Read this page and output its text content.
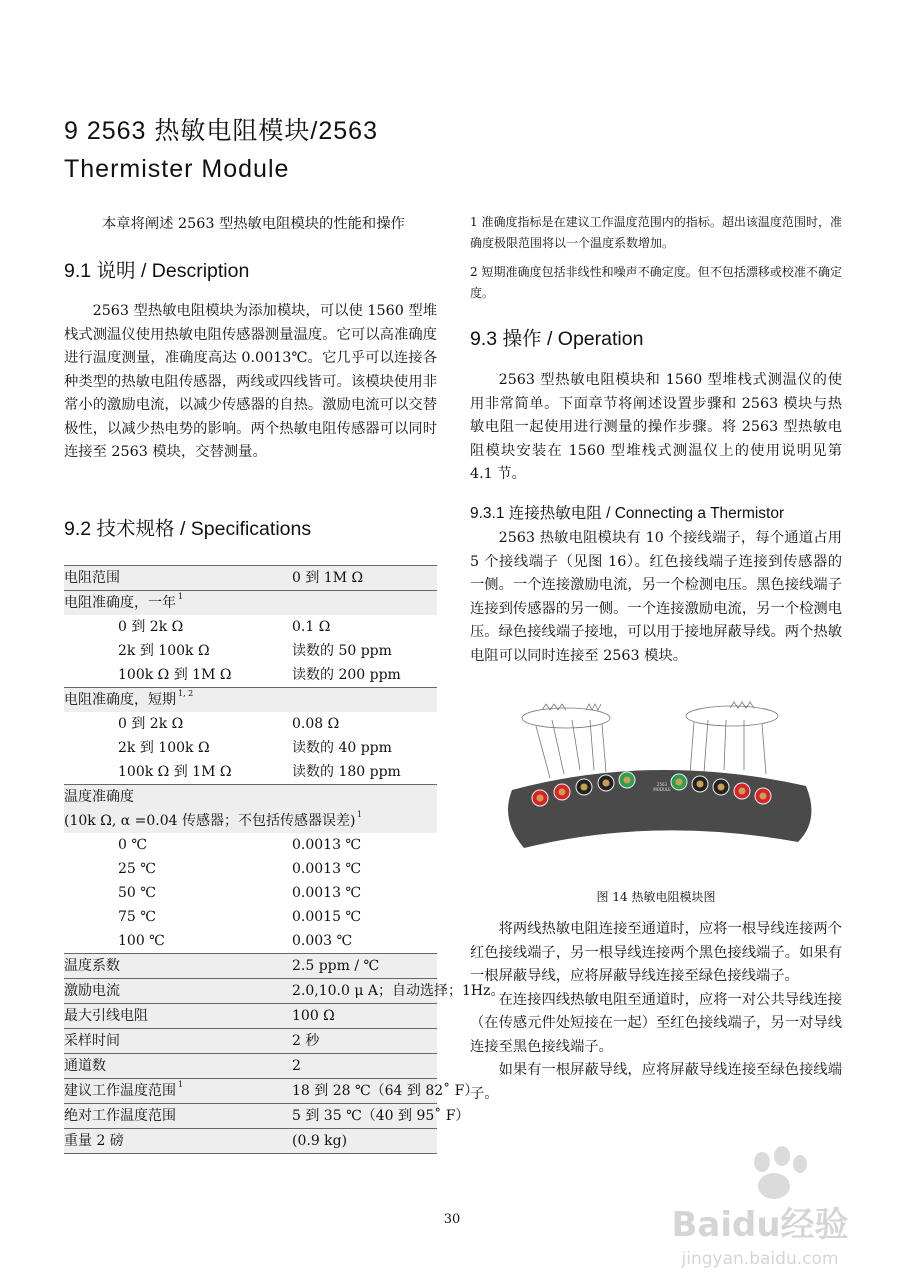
9 2563 热敏电阻模块/2563
Thermister Module
本章将阐述 2563 型热敏电阻模块的性能和操作
9.1 说明 / Description

2563 型热敏电阻模块为添加模块，可以使 1560 型堆栈式测温仪使用热敏电阻传感器测量温度。它可以高准确度进行温度测量，准确度高达 0.0013℃。它几乎可以连接各种类型的热敏电阻传感器，两线或四线皆可。该模块使用非常小的激励电流，以减少传感器的自热。激励电流可以交替极性，以减少热电势的影响。两个热敏电阻传感器可以同时连接至 2563 模块，交替测量。

9.2 技术规格 / Specifications
电阻范围	0 到 1M Ω
电阻准确度，一年 1
0 到 2k Ω	0.1 Ω
2k 到 100k Ω	读数的 50 ppm
100k Ω 到 1M Ω	读数的 200 ppm
电阻准确度，短期 1, 2
0 到 2k Ω	0.08 Ω
2k 到 100k Ω	读数的 40 ppm
100k Ω 到 1M Ω	读数的 180 ppm
温度准确度
(10k Ω, α =0.04 传感器；不包括传感器误差) 1
0 ℃	0.0013 ℃
25 ℃	0.0013 ℃
50 ℃	0.0013 ℃
75 ℃	0.0015 ℃
100 ℃	0.003 ℃
温度系数	2.5 ppm / ℃
激励电流	2.0,10.0 μ A；自动选择；1Hz。
最大引线电阻	100 Ω
采样时间	2 秒
通道数	2
建议工作温度范围 1	18 到 28 ℃（64 到 82˚ F）
绝对工作温度范围	5 到 35 ℃（40 到 95˚ F）
重量 2 磅	(0.9 kg)
1 准确度指标是在建议工作温度范围内的指标。超出该温度范围时，准确度极限范围将以一个温度系数增加。
2 短期准确度包括非线性和噪声不确定度。但不包括漂移或校准不确定度。
9.3 操作 / Operation

2563 型热敏电阻模块和 1560 型堆栈式测温仪的使用非常简单。下面章节将阐述设置步骤和 2563 模块与热敏电阻一起使用进行测量的操作步骤。将 2563 型热敏电阻模块安装在 1560 型堆栈式测温仪上的使用说明见第 4.1 节。

9.3.1 连接热敏电阻 / Connecting a Thermistor

2563 热敏电阻模块有 10 个接线端子，每个通道占用 5 个接线端子（见图 16）。红色接线端子连接到传感器的一侧。一个连接激励电流，另一个检测电压。黑色接线端子连接到传感器的另一侧。一个连接激励电流，另一个检测电压。绿色接线端子接地，可以用于接地屏蔽导线。两个热敏电阻可以同时连接至 2563 模块。

2563
MODULE
图 14 热敏电阻模块图

将两线热敏电阻连接至通道时，应将一根导线连接两个红色接线端子，另一根导线连接两个黑色接线端子。如果有一根屏蔽导线，应将屏蔽导线连接至绿色接线端子。

在连接四线热敏电阻至通道时，应将一对公共导线连接（在传感元件处短接在一起）至红色接线端子，另一对导线连接至黑色接线端子。

如果有一根屏蔽导线，应将屏蔽导线连接至绿色接线端子。

30	Baidu经验
jingyan.baidu.com
